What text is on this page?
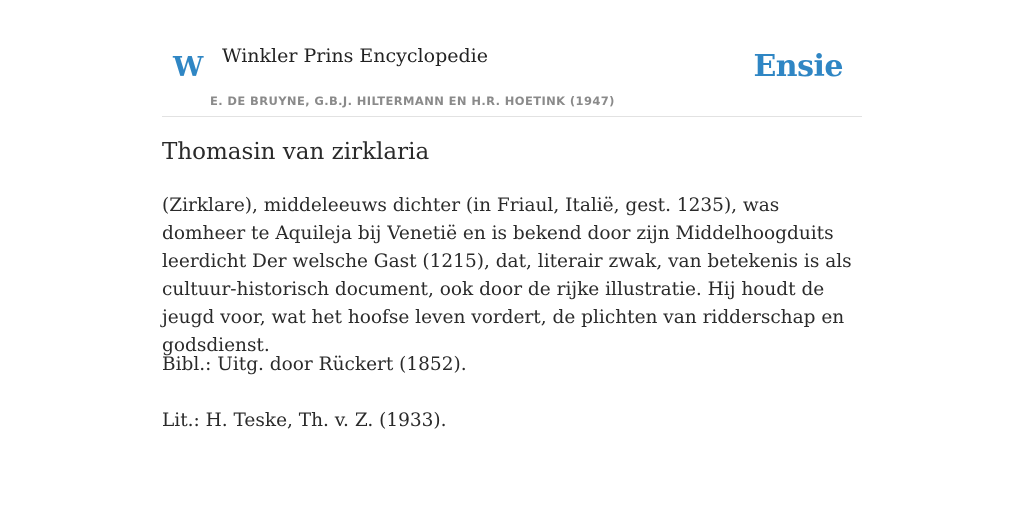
W Winkler Prins Encyclopedie
E. DE BRUYNE, G.B.J. HILTERMANN EN H.R. HOETINK (1947)
Ensie
Thomasin van zirklaria

(Zirklare), middeleeuws dichter (in Friaul, Italië, gest. 1235), was domheer te Aquileja bij Venetië en is bekend door zijn Middelhoogduits leerdicht Der welsche Gast (1215), dat, literair zwak, van betekenis is als cultuur-historisch document, ook door de rijke illustratie. Hij houdt de jeugd voor, wat het hoofse leven vordert, de plichten van ridderschap en godsdienst.

Bibl.: Uitg. door Rückert (1852).

Lit.: H. Teske, Th. v. Z. (1933).
